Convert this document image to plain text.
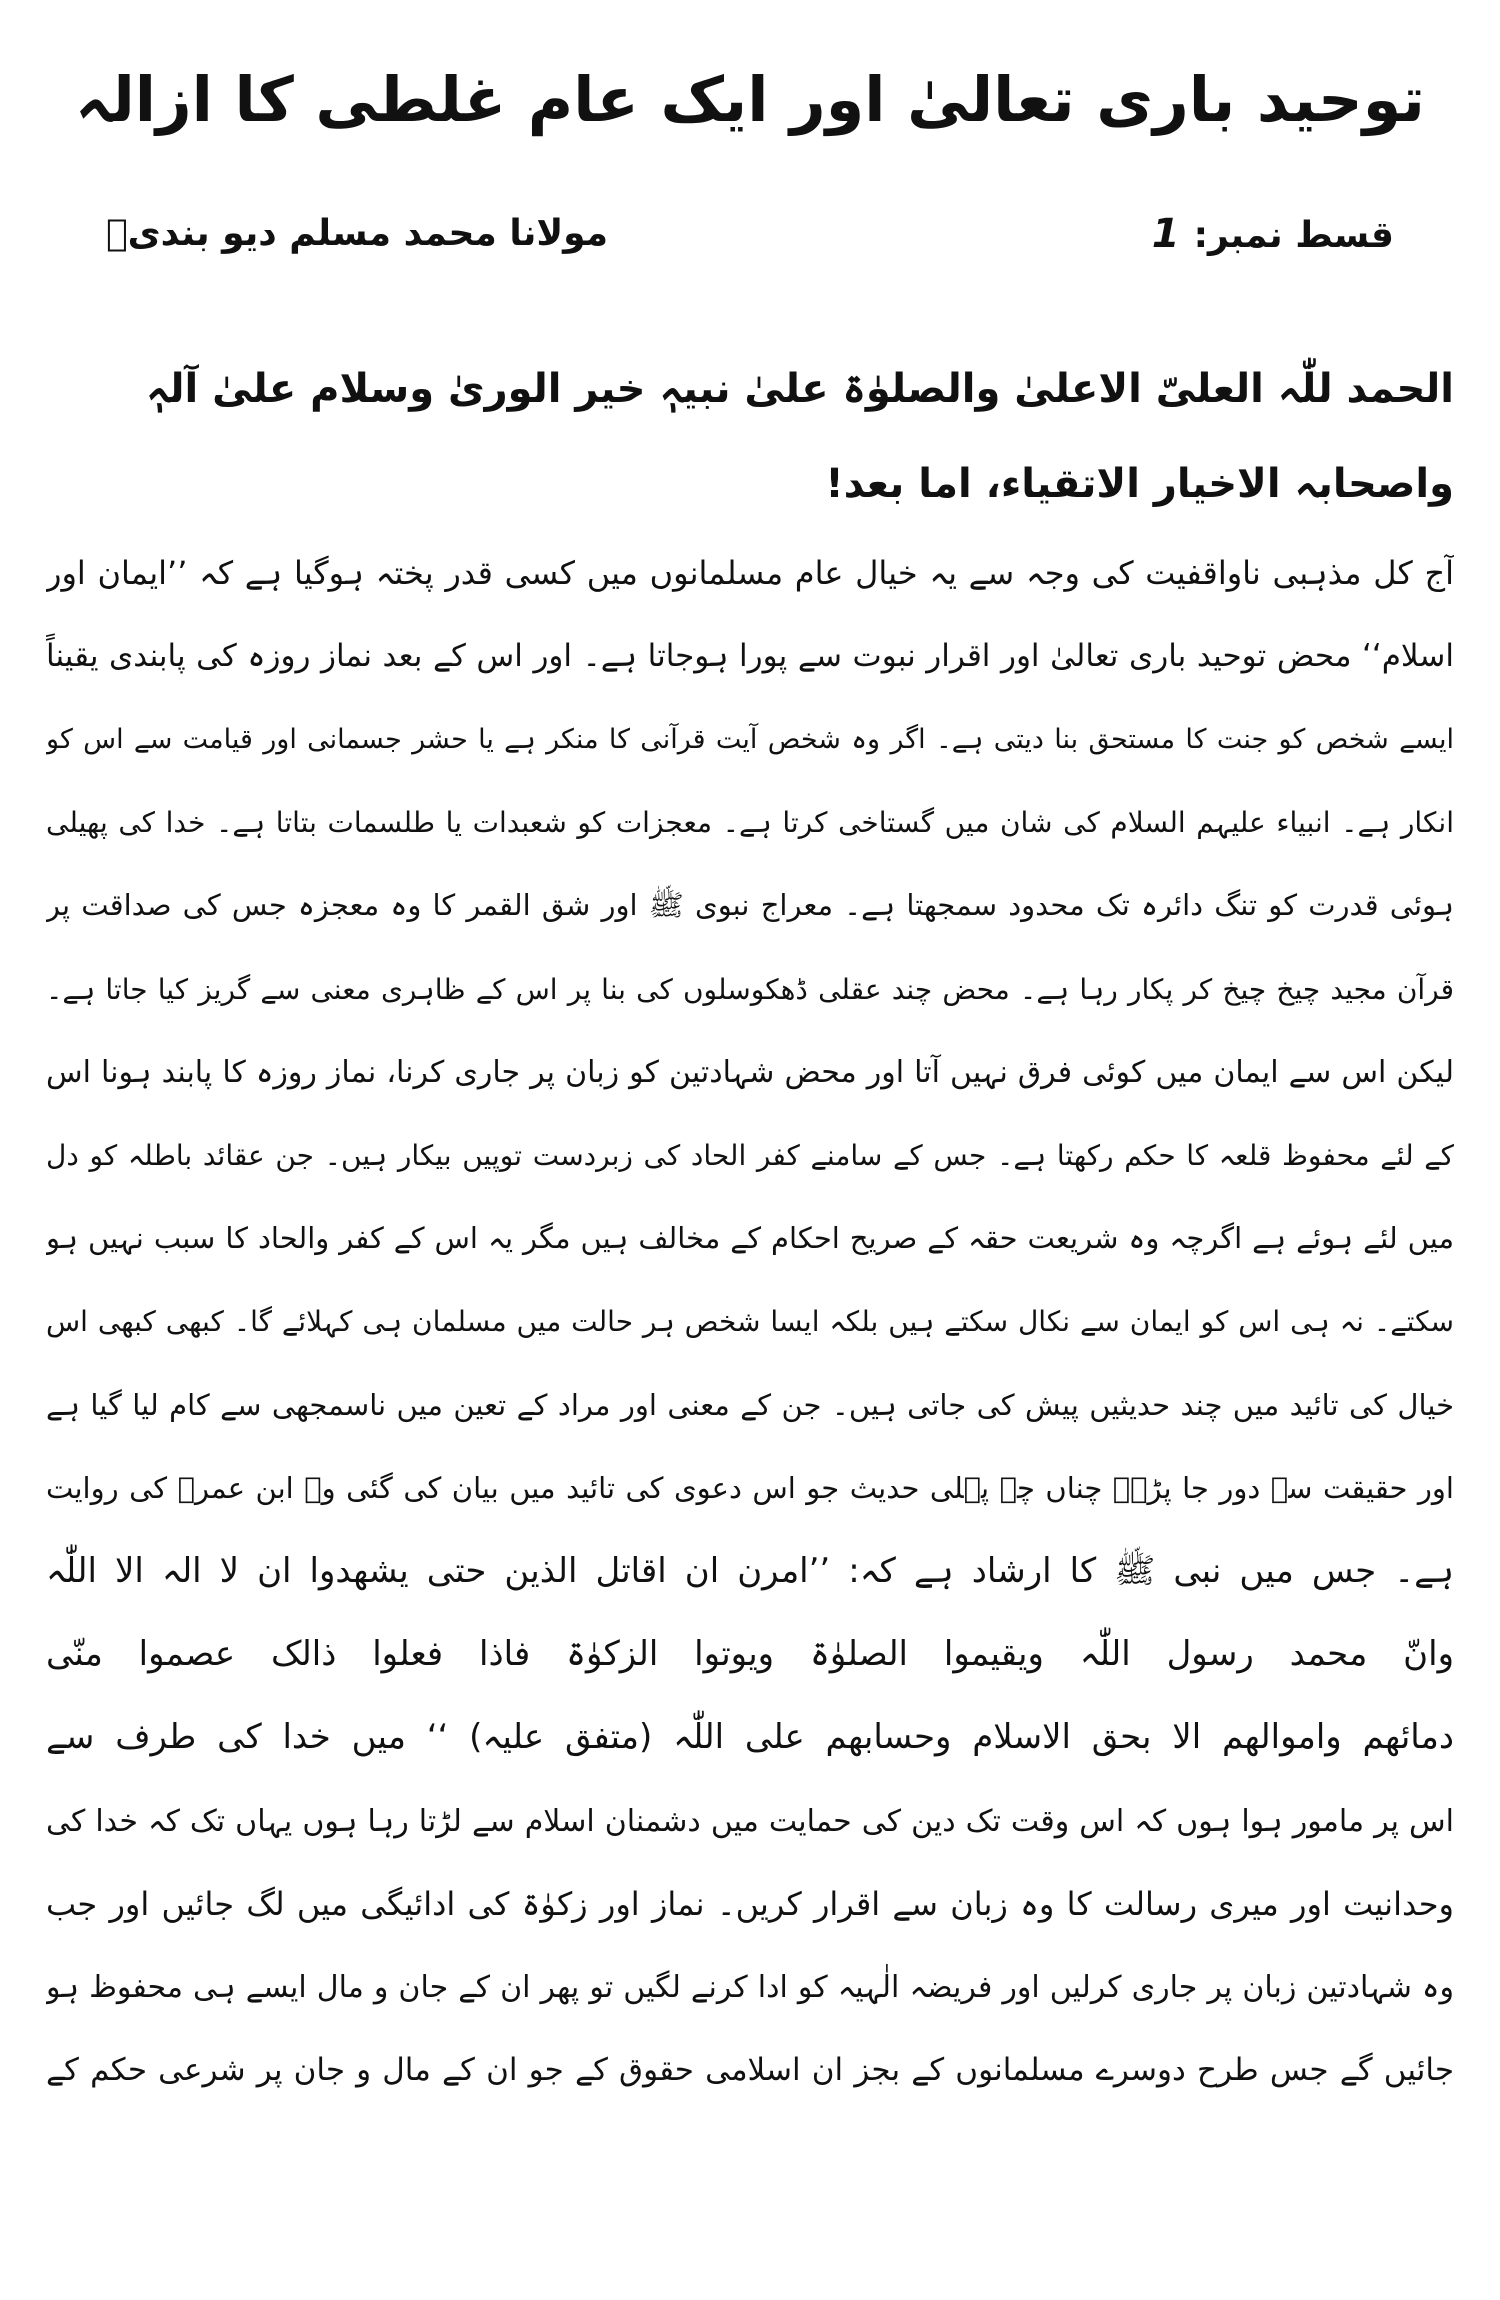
توحید باری تعالیٰ اور ایک عام غلطی کا ازالہ
قسط نمبر:
1
مولانا محمد مسلم دیو بندیؒ

الحمد للّٰہ العلیّ الاعلیٰ والصلوٰۃ علیٰ نبیہٖ خیر الوریٰ وسلام علیٰ آلہٖ

واصحابہ الاخیار الاتقیاء، اما بعد!

آج کل مذہبی ناواقفیت کی وجہ سے یہ خیال عام مسلمانوں میں کسی قدر پختہ ہوگیا ہے کہ ’’ایمان اور
اسلام‘‘ محض توحید باری تعالیٰ اور اقرار نبوت سے پورا ہوجاتا ہے۔ اور اس کے بعد نماز روزہ کی پابندی یقیناً
ایسے شخص کو جنت کا مستحق بنا دیتی ہے۔ اگر وہ شخص آیت قرآنی کا منکر ہے یا حشر جسمانی اور قیامت سے اس کو
انکار ہے۔ انبیاء علیہم السلام کی شان میں گستاخی کرتا ہے۔ معجزات کو شعبدات یا طلسمات بتاتا ہے۔ خدا کی پھیلی
ہوئی قدرت کو تنگ دائرہ تک محدود سمجھتا ہے۔ معراج نبوی ﷺ اور شق القمر کا وہ معجزہ جس کی صداقت پر
قرآن مجید چیخ چیخ کر پکار رہا ہے۔ محض چند عقلی ڈھکوسلوں کی بنا پر اس کے ظاہری معنی سے گریز کیا جاتا ہے۔
لیکن اس سے ایمان میں کوئی فرق نہیں آتا اور محض شہادتین کو زبان پر جاری کرنا، نماز روزہ کا پابند ہونا اس
کے لئے محفوظ قلعہ کا حکم رکھتا ہے۔ جس کے سامنے کفر الحاد کی زبردست توپیں بیکار ہیں۔ جن عقائد باطلہ کو دل
میں لئے ہوئے ہے اگرچہ وہ شریعت حقہ کے صریح احکام کے مخالف ہیں مگر یہ اس کے کفر والحاد کا سبب نہیں ہو
سکتے۔ نہ ہی اس کو ایمان سے نکال سکتے ہیں بلکہ ایسا شخص ہر حالت میں مسلمان ہی کہلائے گا۔ کبھی کبھی اس
خیال کی تائید میں چند حدیثیں پیش کی جاتی ہیں۔ جن کے معنی اور مراد کے تعین میں ناسمجھی سے کام لیا گیا ہے
اور حقیقت سے دور جا پڑے۔ چناں چہ پہلی حدیث جو اس دعوی کی تائید میں بیان کی گئی وہ ابن عمرؓ کی روایت
ہے۔ جس میں نبی ﷺ کا ارشاد ہے کہ: ’’امرن ان اقاتل الذین حتی یشھدوا ان لا الہ الا اللّٰہ
وانّ محمد رسول اللّٰہ ویقیموا الصلوٰۃ ویوتوا الزکوٰۃ فاذا فعلوا ذالک عصموا منّی
دمائھم واموالھم الا بحق الاسلام وحسابھم علی اللّٰہ (متفق علیہ) ‘‘ میں خدا کی طرف سے
اس پر مامور ہوا ہوں کہ اس وقت تک دین کی حمایت میں دشمنان اسلام سے لڑتا رہا ہوں یہاں تک کہ خدا کی
وحدانیت اور میری رسالت کا وہ زبان سے اقرار کریں۔ نماز اور زکوٰۃ کی ادائیگی میں لگ جائیں اور جب
وہ شہادتین زبان پر جاری کرلیں اور فریضہ الٰہیہ کو ادا کرنے لگیں تو پھر ان کے جان و مال ایسے ہی محفوظ ہو
جائیں گے جس طرح دوسرے مسلمانوں کے بجز ان اسلامی حقوق کے جو ان کے مال و جان پر شرعی حکم کے
